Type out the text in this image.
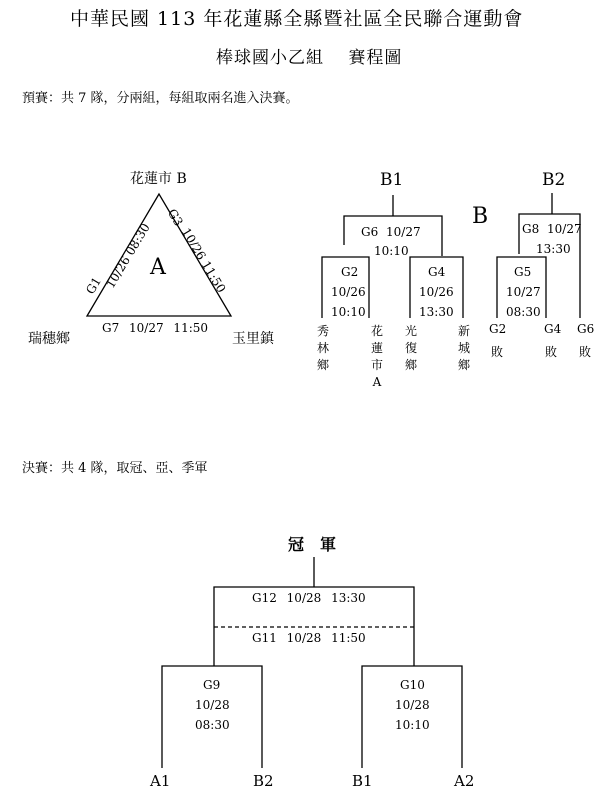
中華民國 113 年花蓮縣全縣暨社區全民聯合運動會
棒球國小乙組　 賽程圖
預賽：共 7 隊，分兩組，每組取兩名進入決賽。
花蓮市 B
瑞穗鄉	玉里鎮
A
G1 10/26 08:30
G3
10/26 11:50
G7 10/27 11:50
B1	B2
B
G6 10/27
10:10
G2
10/26
10:10
G4
10/26
13:30
G8 10/27
13:30
G5
10/27
08:30
秀
林
鄉
花
蓮
市
A
光
復
鄉
新
城
鄉
G2
敗
G4
敗
G6
敗
決賽：共 4 隊，取冠、亞、季軍
冠　軍
G12 10/28 13:30
G11 10/28 11:50
G9
10/28
08:30
G10
10/28
10:10
A1	B2	B1	A2
